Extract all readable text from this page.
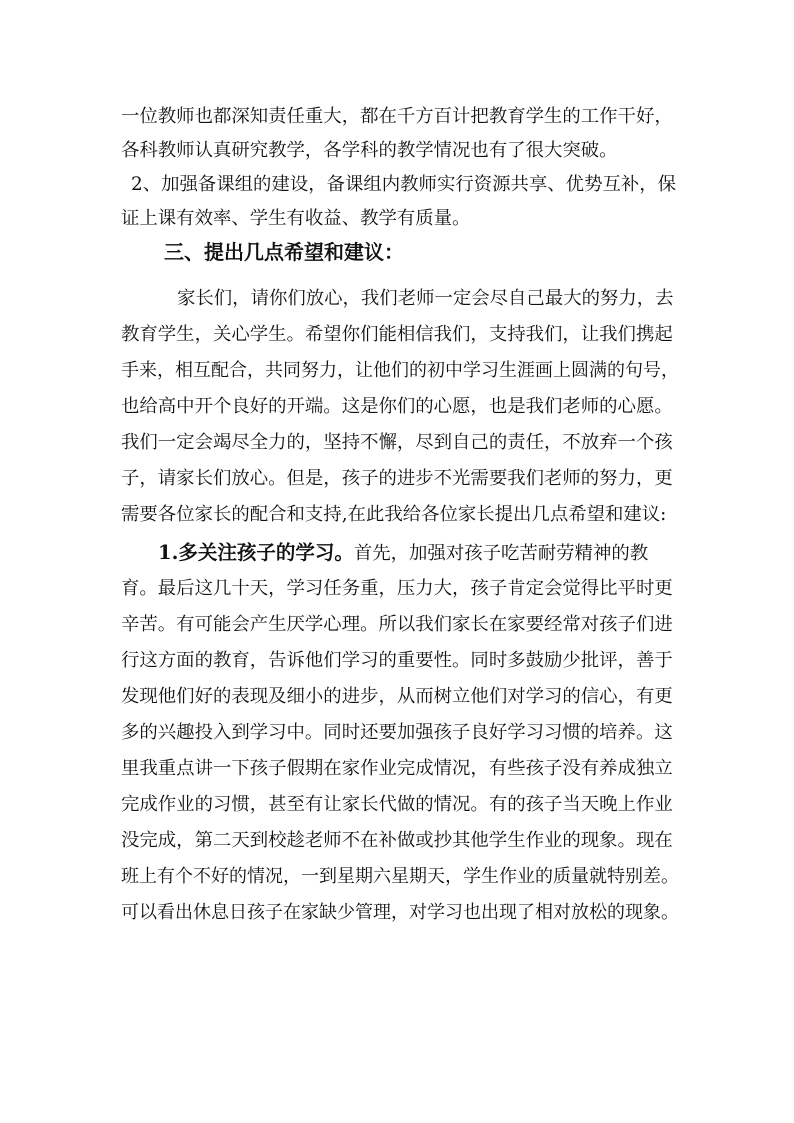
一位教师也都深知责任重大，都在千方百计把教育学生的工作干好，
各科教师认真研究教学，各学科的教学情况也有了很大突破。
2、加强备课组的建设，备课组内教师实行资源共享、优势互补，保
证上课有效率、学生有收益、教学有质量。
三、提出几点希望和建议：
家长们，请你们放心，我们老师一定会尽自己最大的努力，去
教育学生，关心学生。希望你们能相信我们，支持我们，让我们携起
手来，相互配合，共同努力，让他们的初中学习生涯画上圆满的句号，
也给高中开个良好的开端。这是你们的心愿，也是我们老师的心愿。
我们一定会竭尽全力的，坚持不懈，尽到自己的责任，不放弃一个孩
子，请家长们放心。但是，孩子的进步不光需要我们老师的努力，更
需要各位家长的配合和支持,在此我给各位家长提出几点希望和建议:
1.多关注孩子的学习。首先，加强对孩子吃苦耐劳精神的教
育。最后这几十天，学习任务重，压力大，孩子肯定会觉得比平时更
辛苦。有可能会产生厌学心理。所以我们家长在家要经常对孩子们进
行这方面的教育，告诉他们学习的重要性。同时多鼓励少批评，善于
发现他们好的表现及细小的进步，从而树立他们对学习的信心，有更
多的兴趣投入到学习中。同时还要加强孩子良好学习习惯的培养。这
里我重点讲一下孩子假期在家作业完成情况，有些孩子没有养成独立
完成作业的习惯，甚至有让家长代做的情况。有的孩子当天晚上作业
没完成，第二天到校趁老师不在补做或抄其他学生作业的现象。现在
班上有个不好的情况，一到星期六星期天，学生作业的质量就特别差。
可以看出休息日孩子在家缺少管理，对学习也出现了相对放松的现象。
